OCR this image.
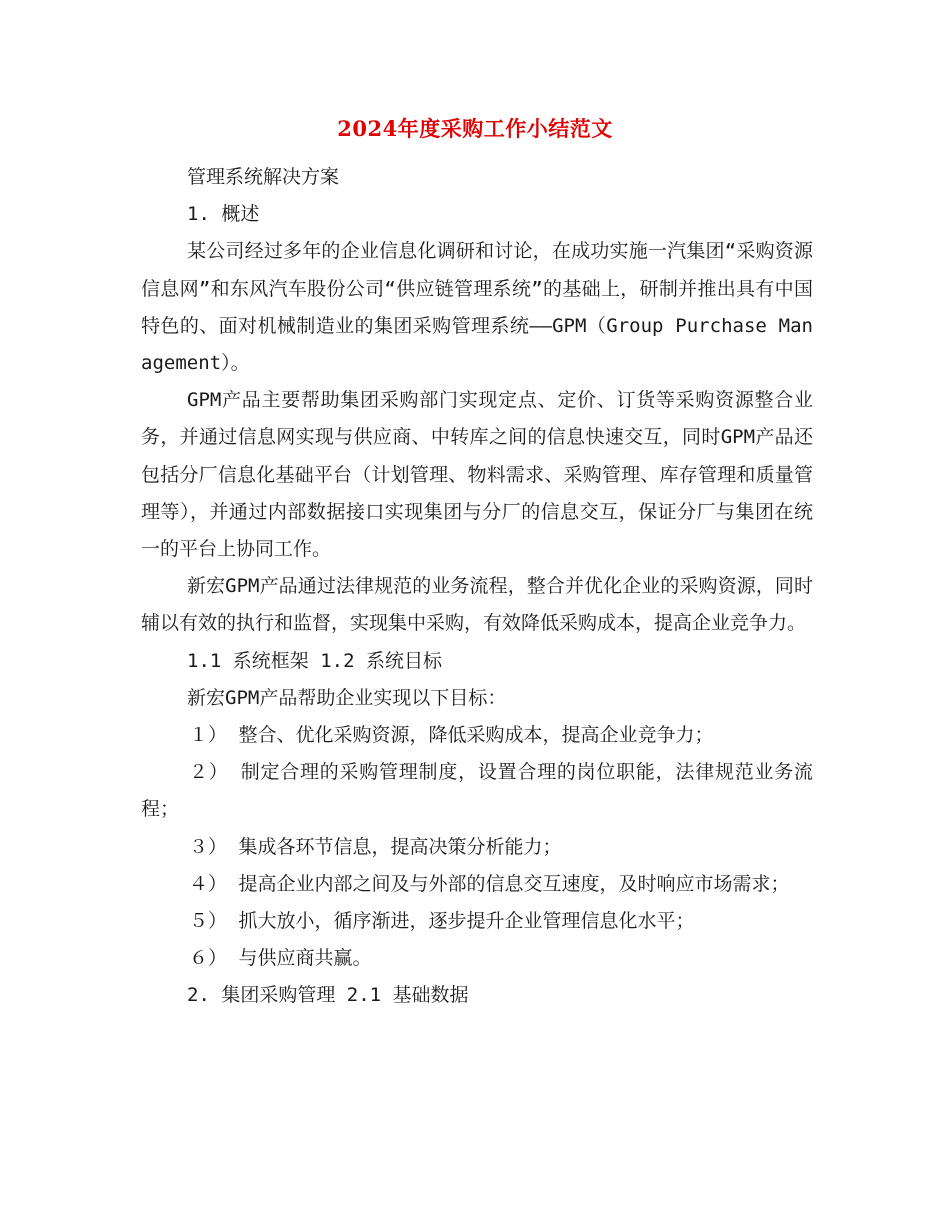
2024年度采购工作小结范文

管理系统解决方案

1. 概述

某公司经过多年的企业信息化调研和讨论，在成功实施一汽集团“采购资源信息网”和东风汽车股份公司“供应链管理系统”的基础上，研制并推出具有中国特色的、面对机械制造业的集团采购管理系统——GPM（Group Purchase Management）。

GPM产品主要帮助集团采购部门实现定点、定价、订货等采购资源整合业务，并通过信息网实现与供应商、中转库之间的信息快速交互，同时GPM产品还包括分厂信息化基础平台（计划管理、物料需求、采购管理、库存管理和质量管理等），并通过内部数据接口实现集团与分厂的信息交互，保证分厂与集团在统一的平台上协同工作。

新宏GPM产品通过法律规范的业务流程，整合并优化企业的采购资源，同时辅以有效的执行和监督，实现集中采购，有效降低采购成本，提高企业竞争力。

1.1 系统框架 1.2 系统目标

新宏GPM产品帮助企业实现以下目标：

１） 整合、优化采购资源，降低采购成本，提高企业竞争力；

２） 制定合理的采购管理制度，设置合理的岗位职能，法律规范业务流程；

３） 集成各环节信息，提高决策分析能力；

４） 提高企业内部之间及与外部的信息交互速度，及时响应市场需求；

５） 抓大放小，循序渐进，逐步提升企业管理信息化水平；

６） 与供应商共赢。

2. 集团采购管理 2.1 基础数据
